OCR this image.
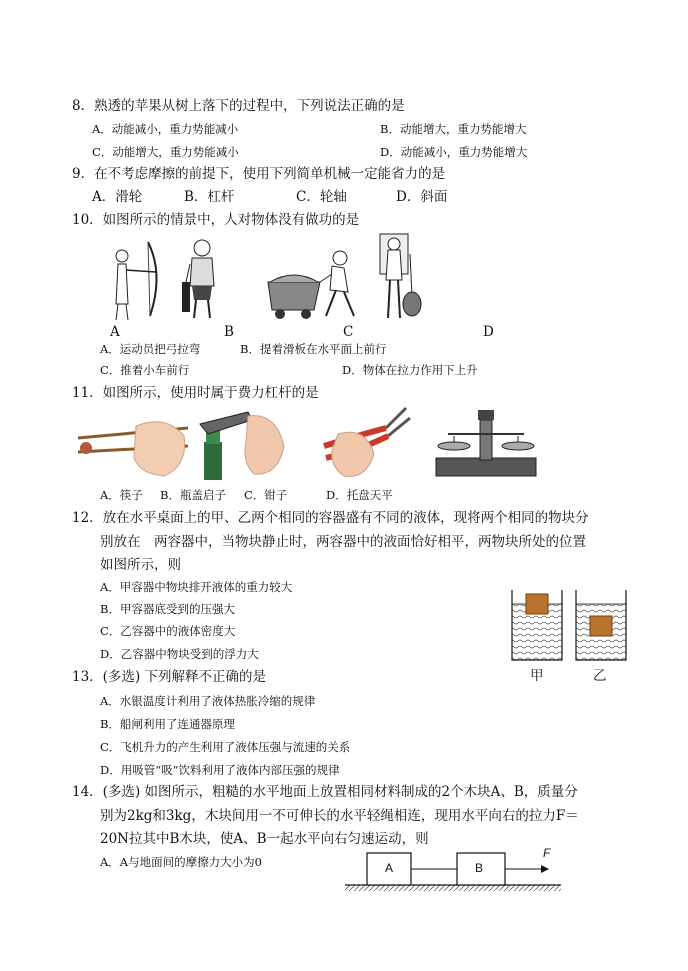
8．熟透的苹果从树上落下的过程中，下列说法正确的是
A．动能减小，重力势能减小	B．动能增大，重力势能增大
C．动能增大，重力势能减小	D．动能减小，重力势能增大
9．在不考虑摩擦的前提下，使用下列简单机械一定能省力的是
A．滑轮	B．杠杆	C．轮轴	D．斜面
10．如图所示的情景中，人对物体没有做功的是
A	B	C	D
A．运动员把弓拉弯	B．提着滑板在水平面上前行
C．推着小车前行	D．物体在拉力作用下上升
11．如图所示，使用时属于费力杠杆的是
A．筷子 B．瓶盖启子 C．钳子	D．托盘天平
12．放在水平桌面上的甲、乙两个相同的容器盛有不同的液体，现将两个相同的物块分
别放在　两容器中，当物块静止时，两容器中的液面恰好相平，两物块所处的位置
如图所示，则
A．甲容器中物块排开液体的重力较大
B．甲容器底受到的压强大
C．乙容器中的液体密度大
D．乙容器中物块受到的浮力大
甲	乙
13．(多选) 下列解释不正确的是
A．水银温度计利用了液体热胀冷缩的规律
B．船闸利用了连通器原理
C．飞机升力的产生利用了液体压强与流速的关系
D．用吸管“吸”饮料利用了液体内部压强的规律
14．(多选) 如图所示，粗糙的水平地面上放置相同材料制成的2个木块A、B，质量分
别为2kg和3kg，木块间用一不可伸长的水平轻绳相连，现用水平向右的拉力F＝
20N拉其中B木块，使A、B一起水平向右匀速运动，则
A．A与地面间的摩擦力大小为0	A	B
F
